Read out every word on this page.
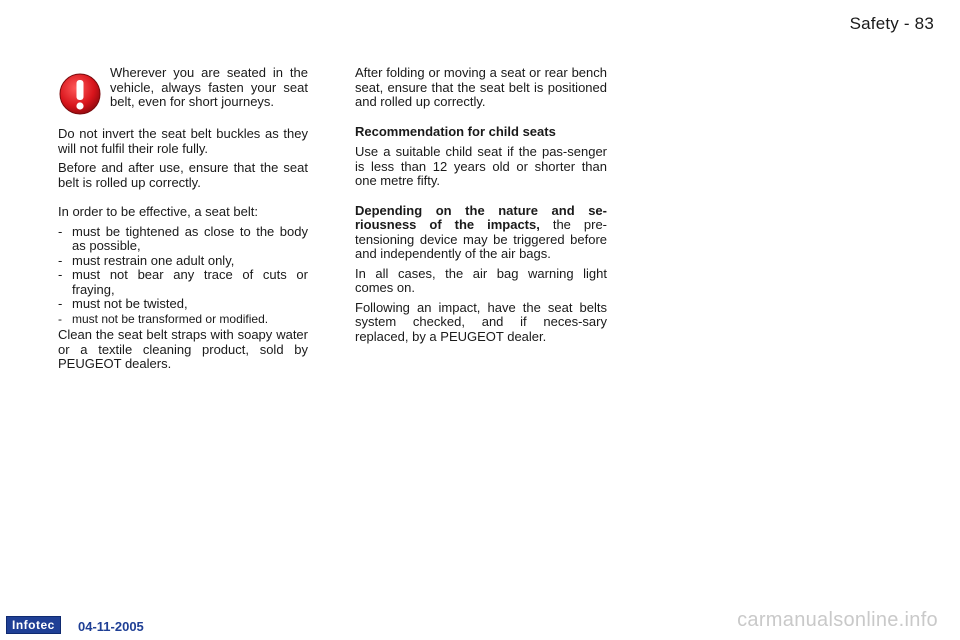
Safety - 83
Wherever you are seated in the vehicle, always fasten your seat belt, even for short journeys.

Do not invert the seat belt buckles as they will not fulfil their role fully.

Before and after use, ensure that the seat belt is rolled up correctly.

In order to be effective, a seat belt:

- must be tightened as close to the body as possible,
- must restrain one adult only,
- must not bear any trace of cuts or fraying,
- must not be twisted,
- must not be transformed or modified.

Clean the seat belt straps with soapy water or a textile cleaning product, sold by PEUGEOT dealers.

After folding or moving a seat or rear bench seat, ensure that the seat belt is positioned and rolled up correctly.

Recommendation for child seats

Use a suitable child seat if the pas-senger is less than 12 years old or shorter than one metre fifty.

Depending on the nature and se-riousness of the impacts, the pre-tensioning device may be triggered before and independently of the air bags.

In all cases, the air bag warning light comes on.

Following an impact, have the seat belts system checked, and if neces-sary replaced, by a PEUGEOT dealer.

Infotec	04-11-2005	carmanualsonline.info
